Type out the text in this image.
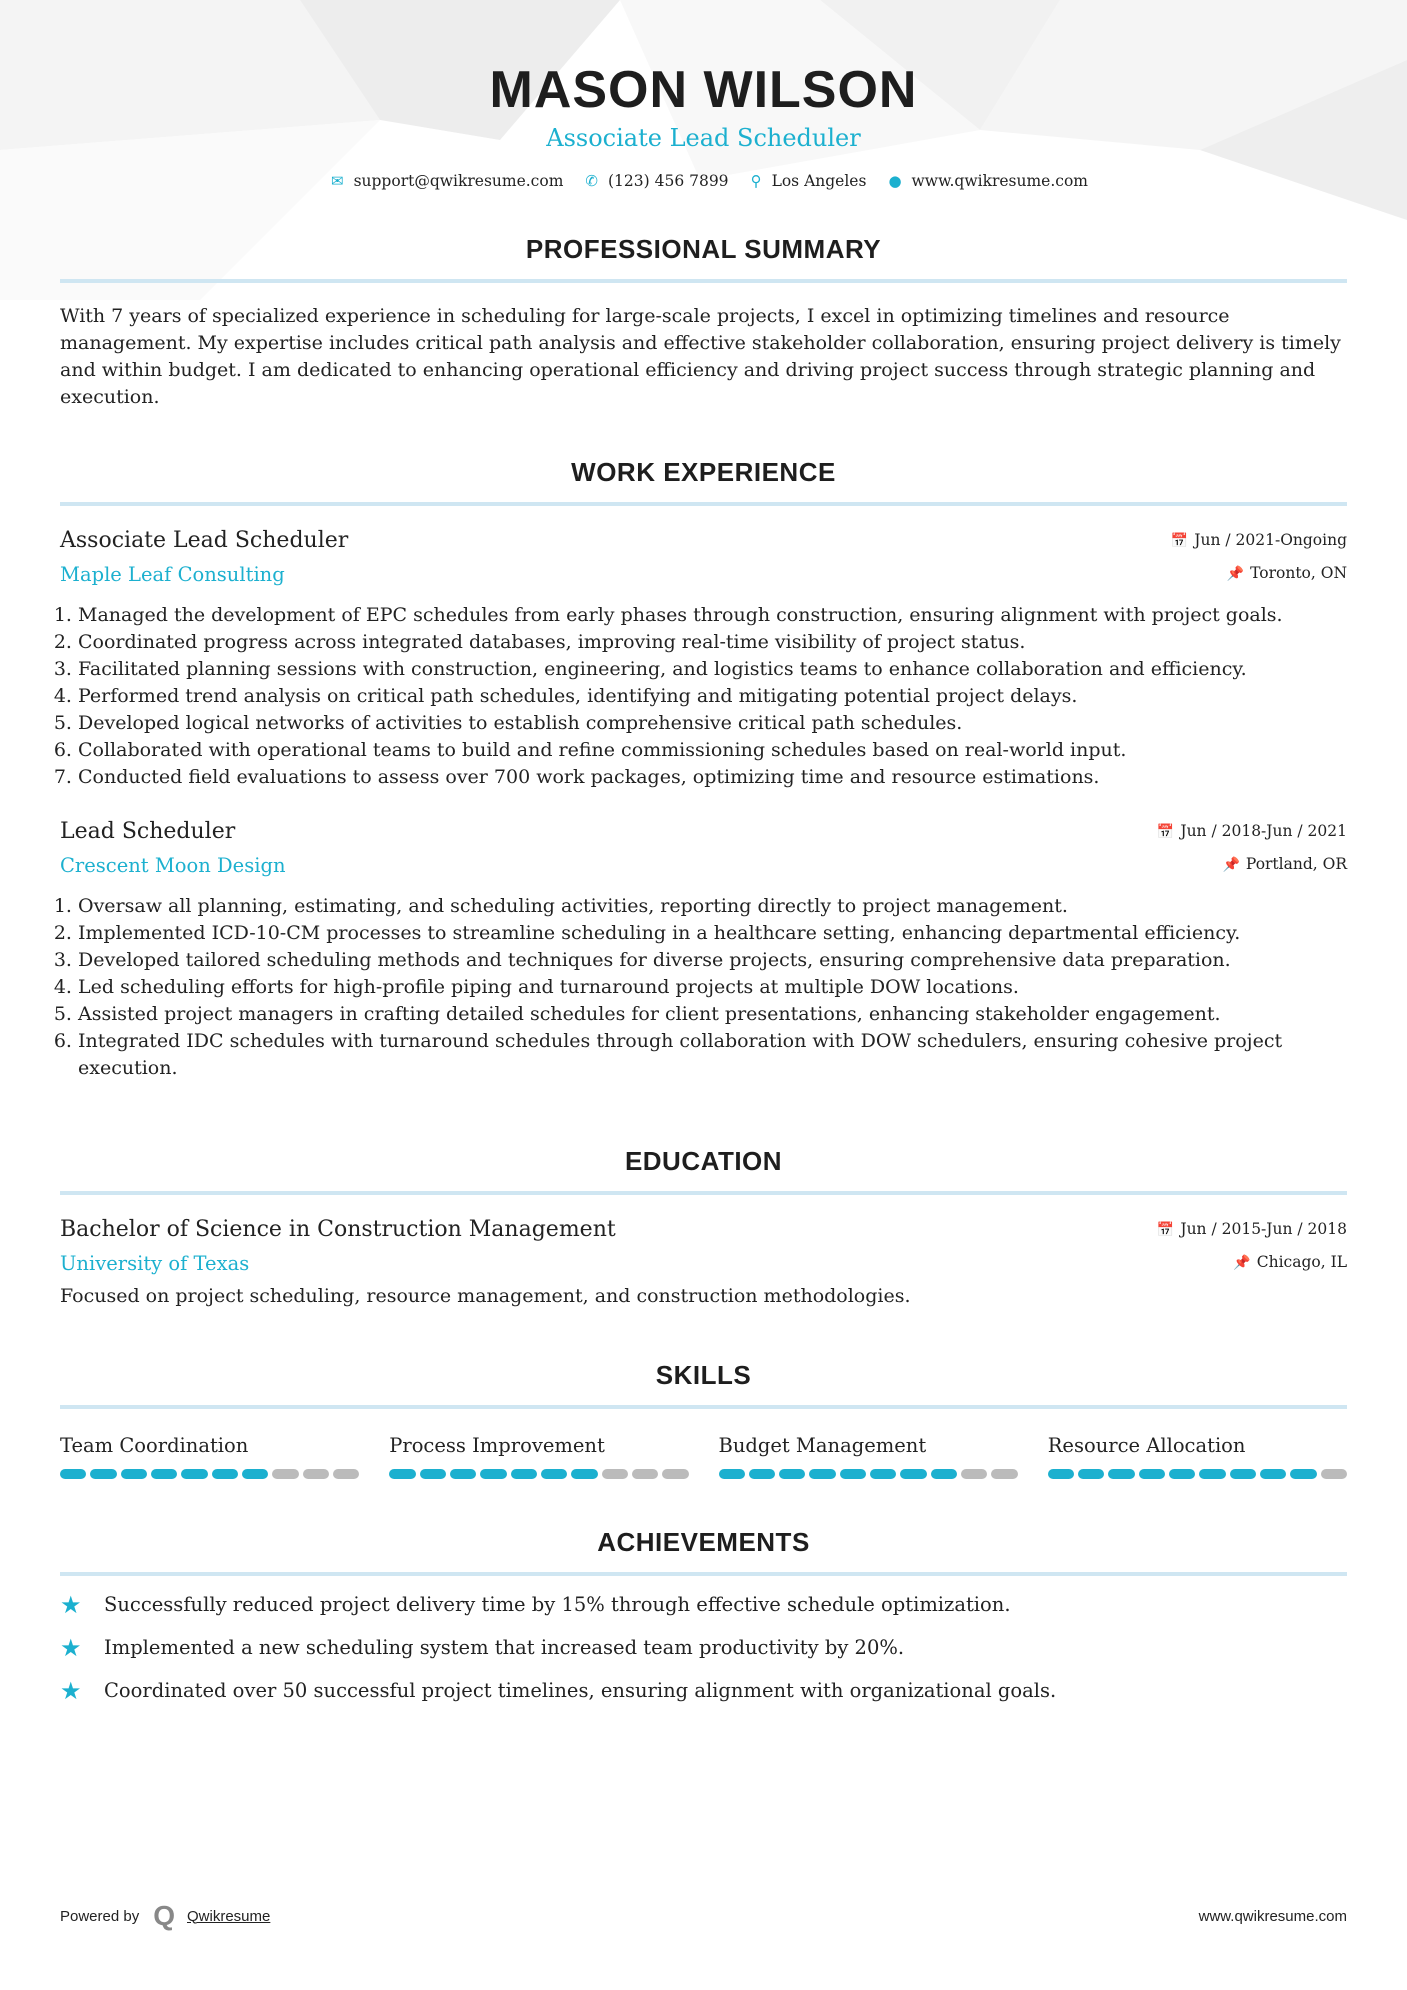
MASON WILSON
Associate Lead Scheduler
✉ support@qwikresume.com ✆ (123) 456 7899 ⚲ Los Angeles ● www.qwikresume.com
PROFESSIONAL SUMMARY

With 7 years of specialized experience in scheduling for large-scale projects, I excel in optimizing timelines and resource management. My expertise includes critical path analysis and effective stakeholder collaboration, ensuring project delivery is timely and within budget. I am dedicated to enhancing operational efficiency and driving project success through strategic planning and execution.

WORK EXPERIENCE
Associate Lead Scheduler
Maple Leaf Consulting
📅 Jun / 2021-Ongoing
📌 Toronto, ON
1. Managed the development of EPC schedules from early phases through construction, ensuring alignment with project goals.
2. Coordinated progress across integrated databases, improving real-time visibility of project status.
3. Facilitated planning sessions with construction, engineering, and logistics teams to enhance collaboration and efficiency.
4. Performed trend analysis on critical path schedules, identifying and mitigating potential project delays.
5. Developed logical networks of activities to establish comprehensive critical path schedules.
6. Collaborated with operational teams to build and refine commissioning schedules based on real-world input.
7. Conducted field evaluations to assess over 700 work packages, optimizing time and resource estimations.
Lead Scheduler
Crescent Moon Design
📅 Jun / 2018-Jun / 2021
📌 Portland, OR
1. Oversaw all planning, estimating, and scheduling activities, reporting directly to project management.
2. Implemented ICD-10-CM processes to streamline scheduling in a healthcare setting, enhancing departmental efficiency.
3. Developed tailored scheduling methods and techniques for diverse projects, ensuring comprehensive data preparation.
4. Led scheduling efforts for high-profile piping and turnaround projects at multiple DOW locations.
5. Assisted project managers in crafting detailed schedules for client presentations, enhancing stakeholder engagement.
6. Integrated IDC schedules with turnaround schedules through collaboration with DOW schedulers, ensuring cohesive project execution.
EDUCATION
Bachelor of Science in Construction Management
University of Texas
📅 Jun / 2015-Jun / 2018
📌 Chicago, IL

Focused on project scheduling, resource management, and construction methodologies.

SKILLS
Team Coordination	Process Improvement	Budget Management	Resource Allocation
ACHIEVEMENTS
★	Successfully reduced project delivery time by 15% through effective schedule optimization.
★	Implemented a new scheduling system that increased team productivity by 20%.
★	Coordinated over 50 successful project timelines, ensuring alignment with organizational goals.
Powered by Q Qwikresume	www.qwikresume.com
